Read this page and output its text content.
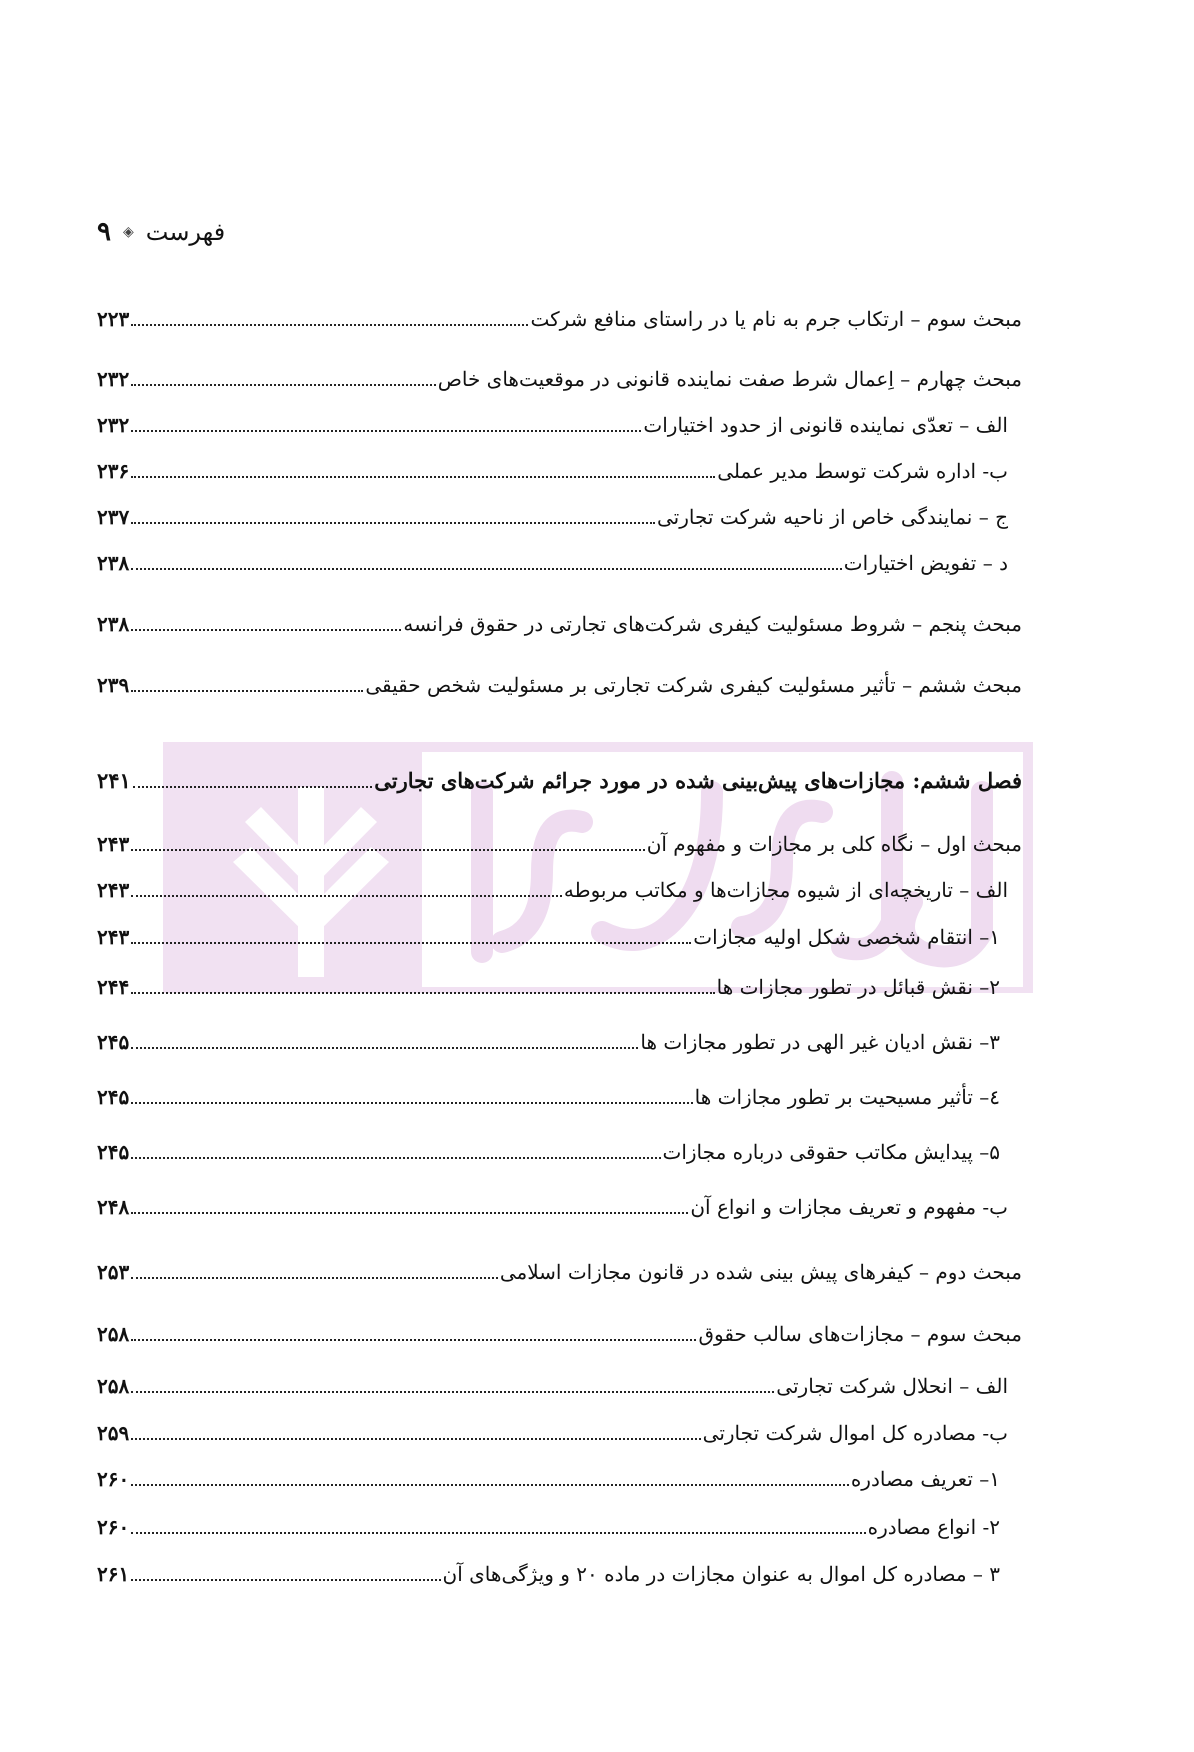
فهرست
◈
۹
مبحث سوم – ارتکاب جرم به نام یا در راستای منافع شرکت
۲۲۳
مبحث چهارم – اِعمال شرط صفت نماینده قانونی در موقعیت‌های خاص
۲۳۲
الف – تعدّی نماینده قانونی از حدود اختیارات
۲۳۲
ب- اداره شرکت توسط مدیر عملی
۲۳۶
ج – نمایندگی خاص از ناحیه شرکت تجارتی
۲۳۷
د – تفویض اختیارات
۲۳۸
مبحث پنجم – شروط مسئولیت کیفری شرکت‌های تجارتی در حقوق فرانسه
۲۳۸
مبحث ششم – تأثیر مسئولیت کیفری شرکت تجارتی بر مسئولیت شخص حقیقی
۲۳۹
فصل ششم: مجازات‌های پیش‌بینی شده در مورد جرائم شرکت‌های تجارتی
۲۴۱
مبحث اول – نگاه کلی بر مجازات و مفهوم آن
۲۴۳
الف – تاریخچه‌ای از شیوه مجازات‌ها و مکاتب مربوطه
۲۴۳
۱– انتقام شخصی شکل اولیه مجازات
۲۴۳
۲– نقش قبائل در تطور مجازات ها
۲۴۴
۳– نقش ادیان غیر الهی در تطور مجازات ها
۲۴۵
٤– تأثیر مسیحیت بر تطور مجازات ها
۲۴۵
۵– پیدایش مکاتب حقوقی درباره مجازات
۲۴۵
ب- مفهوم و تعریف مجازات و انواع آن
۲۴۸
مبحث دوم – کیفرهای پیش بینی شده در قانون مجازات اسلامی
۲۵۳
مبحث سوم – مجازات‌های سالب حقوق
۲۵۸
الف – انحلال شرکت تجارتی
۲۵۸
ب- مصادره کل اموال شرکت تجارتی
۲۵۹
۱– تعریف مصادره
۲۶۰
۲- انواع مصادره
۲۶۰
۳ – مصادره کل اموال به عنوان مجازات در ماده ۲۰ و ویژگی‌های آن
۲۶۱
